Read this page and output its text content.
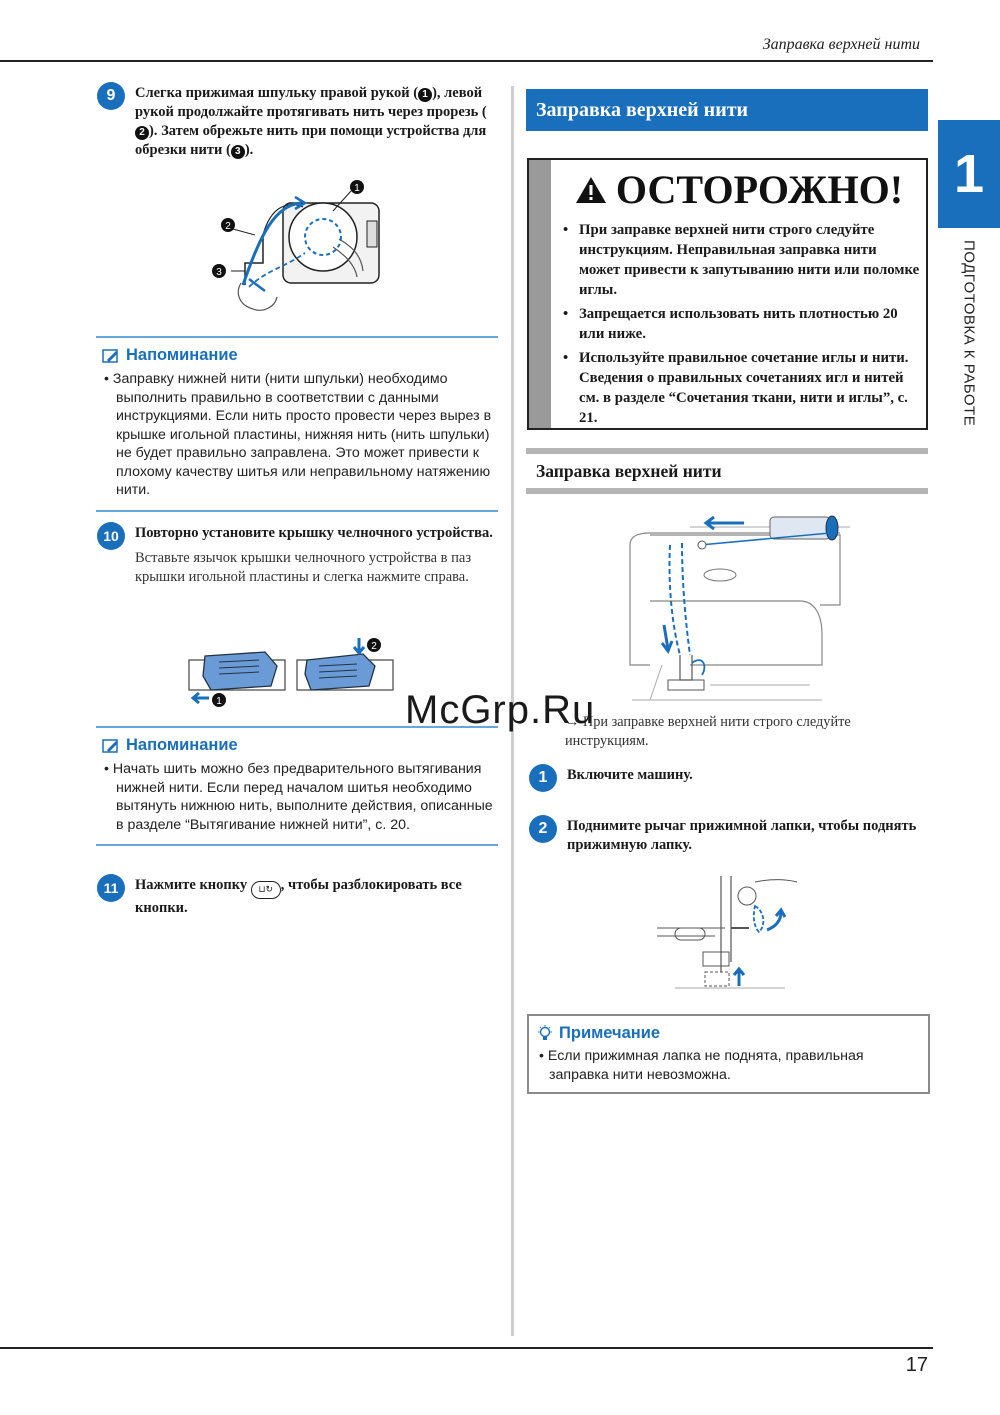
Заправка верхней нити
17
1
ПОДГОТОВКА К РАБОТЕ
9	Слегка прижимая шпульку правой рукой ( 1 ), левой рукой продолжайте протягивать нить через прорезь (2 ). Затем обрежьте нить при помощи устройства для обрезки нити ( 3 ).
1
2
3
Напоминание
• Заправку нижней нити (нити шпульки) необходимо выполнить правильно в соответствии с данными инструкциями. Если нить просто провести через вырез в крышке игольной пластины, нижняя нить (нить шпульки) не будет правильно заправлена. Это может привести к плохому качеству шитья или неправильному натяжению нити.
10	Повторно установите крышку челночного устройства.
Вставьте язычок крышки челночного устройства в паз крышки игольной пластины и слегка нажмите справа.
1
2
Напоминание
• Начать шить можно без предварительного вытягивания нижней нити. Если перед началом шитья необходимо вытянуть нижнюю нить, выполните действия, описанные в разделе “Вытягивание нижней нити”, с. 20.
11	Нажмите кнопку ⊔↻ , чтобы разблокировать все кнопки.
Заправка верхней нити
ОСТОРОЖНО!
• При заправке верхней нити строго следуйте инструкциям. Неправильная заправка нити может привести к запутыванию нити или поломке иглы.
• Запрещается использовать нить плотностью 20 или ниже.
• Используйте правильное сочетание иглы и нити. Сведения о правильных сочетаниях игл и нитей см. в разделе “Сочетания ткани, нити и иглы”, с. 21.
Заправка верхней нити
→ При заправке верхней нити строго следуйте инструкциям.
1	Включите машину.
2	Поднимите рычаг прижимной лапки, чтобы поднять прижимную лапку.
Примечание
• Если прижимная лапка не поднята, правильная заправка нити невозможна.
McGrp.Ru
